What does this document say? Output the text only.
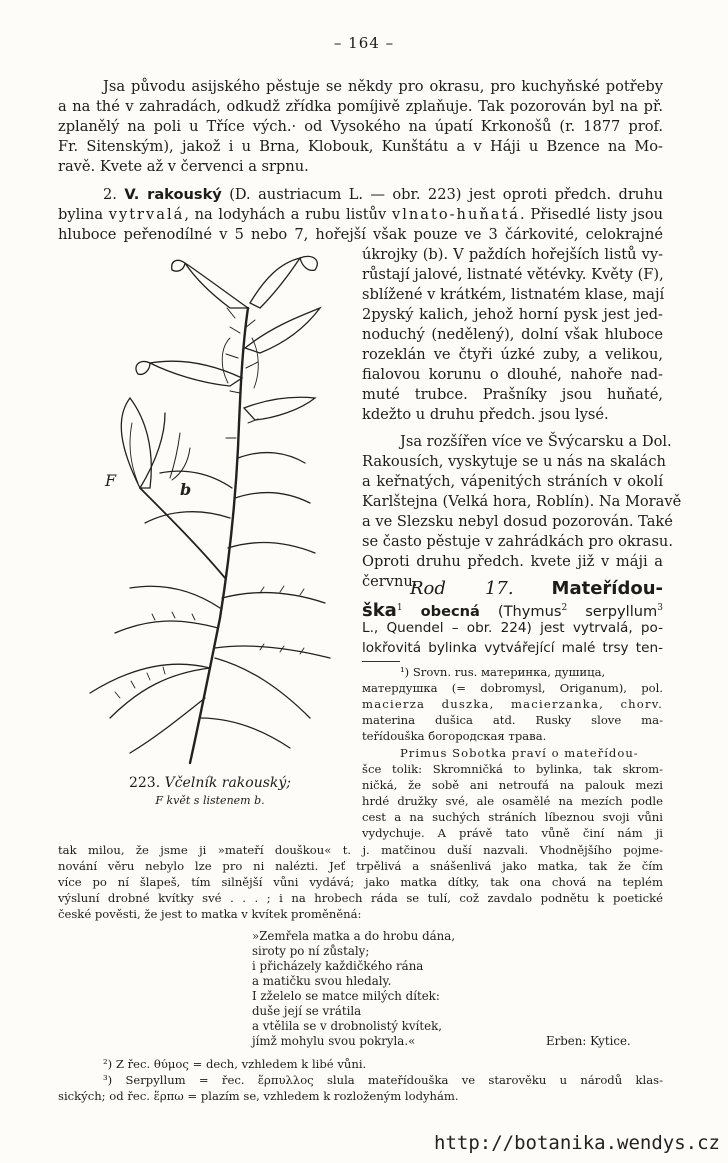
– 164 –
Jsa původu asijského pěstuje se někdy pro okrasu, pro kuchyňské potřeby
a na thé v zahradách, odkudž zřídka pomíjivě zplaňuje. Tak pozorován byl na př.
zplanělý na poli u Tříce vých.· od Vysokého na úpatí Krkonošů (r. 1877 prof.
Fr. Sitenským), jakož i u Brna, Klobouk, Kunštátu a v Háji u Bzence na Mo-
ravě. Kvete až v červenci a srpnu.
2. V. rakouský (D. austriacum L. — obr. 223) jest oproti předch. druhu
bylina vytrvalá, na lodyhách a rubu listův vlnato-huňatá. Přisedlé listy jsou
hluboce peřenodílné v 5 nebo 7, hořejší však pouze ve 3 čárkovité, celokrajné
úkrojky (b). V paždích hořejších listů vy-
růstají jalové, listnaté větévky. Květy (F),
sblížené v krátkém, listnatém klase, mají
2pyský kalich, jehož horní pysk jest jed-
noduchý (nedělený), dolní však hluboce
rozeklán ve čtyři úzké zuby, a velikou,
fialovou korunu o dlouhé, nahoře nad-
muté trubce. Prašníky jsou huňaté,
kdežto u druhu předch. jsou lysé.
Jsa rozšířen více ve Švýcarsku a Dol.
Rakousích, vyskytuje se u nás na skalách
a keřnatých, vápenitých stráních v okolí
Karlštejna (Velká hora, Roblín). Na Moravě
a ve Slezsku nebyl dosud pozorován. Také
se často pěstuje v zahrádkách pro okrasu.
Oproti druhu předch. kvete již v máji a
červnu.
Rod 17. Mateřídou-
ška$^1$ obecná (Thymus$^2$ serpyllum$^3$
L., Quendel – obr. 224) jest vytrvalá, po-
lokřovitá bylinka vytvářející malé trsy ten-
¹) Srovn. rus. материнка, душица,
матердушка (= dobromysl, Origanum), pol.
macierza duszka, macierzanka, chorv.
materina dušica atd. Rusky slove ma-
teřídouška богородская трава.
Primus Sobotka praví o mateřídou-
šce tolik: Skromničká to bylinka, tak skrom-
ničká, že sobě ani netroufá na palouk mezi
hrdé družky své, ale osamělé na mezích podle
cest a na suchých stráních líbeznou svoji vůni
vydychuje. A právě tato vůně činí nám ji
tak milou, že jsme ji »mateří douškou« t. j. matčinou duší nazvali. Vhodnějšího pojme-
nování věru nebylo lze pro ni nalézti. Jeť trpělivá a snášenlivá jako matka, tak že čím
více po ní šlapeš, tím silnější vůni vydává; jako matka dítky, tak ona chová na teplém
výsluní drobné kvítky své . . . ; i na hrobech ráda se tulí, což zavdalo podnětu k poetické
české pověsti, že jest to matka v kvítek proměněná:
»Zemřela matka a do hrobu dána,
siroty po ní zůstaly;
i přicházely každičkého rána
a matičku svou hledaly.
I zželelo se matce milých dítek:
duše její se vrátila
a vtělila se v drobnolistý kvítek,
jímž mohylu svou pokryla.«	Erben: Kytice.
²) Z řec. θύμος = dech, vzhledem k libé vůni.
³) Serpyllum = řec. ἕρπυλλος slula mateřídouška ve starověku u národů klas-
sických; od řec. ἕρπω = plazím se, vzhledem k rozloženým lodyhám.
F	b
223. Včelník rakouský;
F květ s listenem b.
http://botanika.wendys.cz
